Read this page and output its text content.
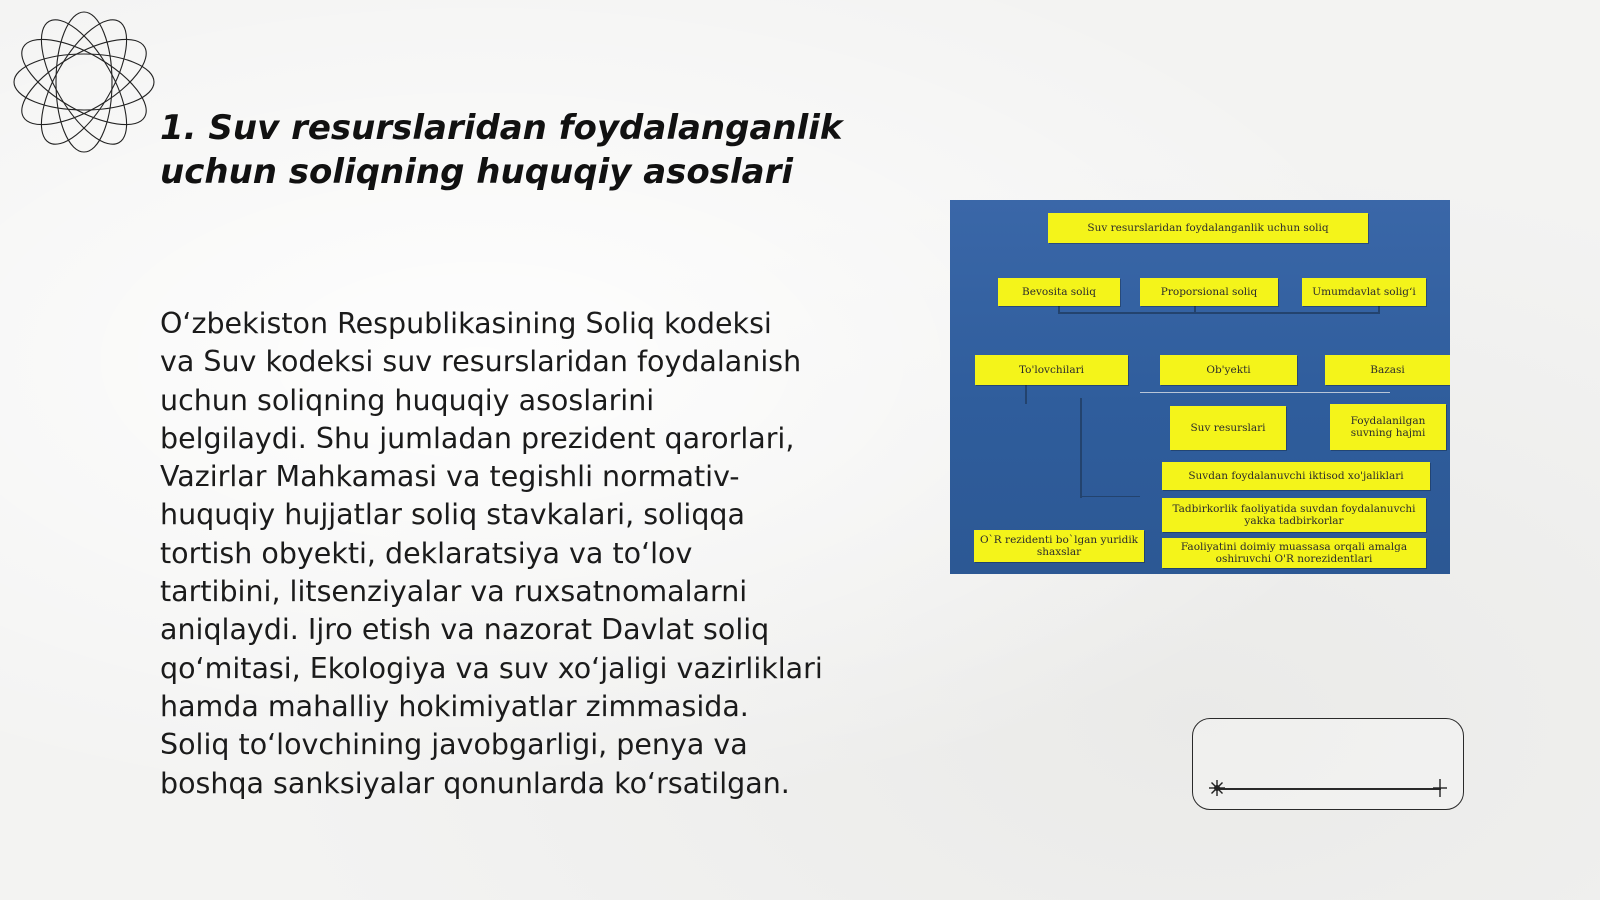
1. Suv resurslaridan foydalanganlik
uchun soliqning huquqiy asoslari

O‘zbekiston Respublikasining Soliq kodeksi
va Suv kodeksi suv resurslaridan foydalanish
uchun soliqning huquqiy asoslarini
belgilaydi. Shu jumladan prezident qarorlari,
Vazirlar Mahkamasi va tegishli normativ-
huquqiy hujjatlar soliq stavkalari, soliqqa
tortish obyekti, deklaratsiya va to‘lov
tartibini, litsenziyalar va ruxsatnomalarni
aniqlaydi. Ijro etish va nazorat Davlat soliq
qo‘mitasi, Ekologiya va suv xo‘jaligi vazirliklari
hamda mahalliy hokimiyatlar zimmasida.
Soliq to‘lovchining javobgarligi, penya va
boshqa sanksiyalar qonunlarda ko‘rsatilgan.

Suv resurslaridan foydalanganlik uchun soliq
Bevosita soliq	Proporsional soliq	Umumdavlat soligʻi
To'lovchilari	Ob'yekti	Bazasi
Suv resurslari
Foydalanilgan suvning hajmi
Suvdan foydalanuvchi iktisod xo'jaliklari
Tadbirkorlik faoliyatida suvdan foydalanuvchi yakka tadbirkorlar
Faoliyatini doimiy muassasa orqali amalga oshiruvchi O'R norezidentlari
O`R rezidenti bo`lgan yuridik shaxslar
